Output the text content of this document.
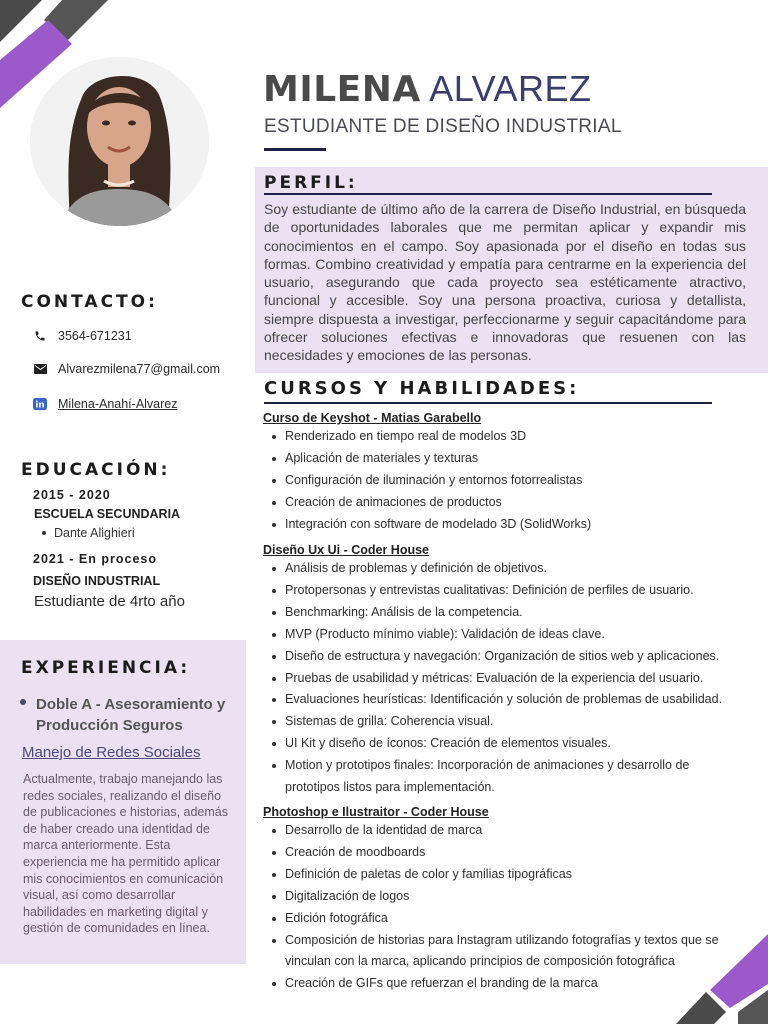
MILENA ALVAREZ
ESTUDIANTE DE DISEÑO INDUSTRIAL
CONTACTO:
3564-671231
Alvarezmilena77@gmail.com
in Milena-Anahí-Alvarez
EDUCACIÓN:
2015 - 2020
ESCUELA SECUNDARIA
Dante Alighieri
2021 - En proceso
DISEÑO INDUSTRIAL
Estudiante de 4rto año
EXPERIENCIA:
Doble A - Asesoramiento y Producción Seguros
Manejo de Redes Sociales
Actualmente, trabajo manejando las redes sociales, realizando el diseño de publicaciones e historias, además de haber creado una identidad de marca anteriormente. Esta experiencia me ha permitido aplicar mis conocimientos en comunicación visual, así como desarrollar habilidades en marketing digital y gestión de comunidades en línea.
PERFIL:
Soy estudiante de último año de la carrera de Diseño Industrial, en búsqueda de oportunidades laborales que me permitan aplicar y expandir mis conocimientos en el campo. Soy apasionada por el diseño en todas sus formas. Combino creatividad y empatía para centrarme en la experiencia del usuario, asegurando que cada proyecto sea estéticamente atractivo, funcional y accesible. Soy una persona proactiva, curiosa y detallista, siempre dispuesta a investigar, perfeccionarme y seguir capacitándome para ofrecer soluciones efectivas e innovadoras que resuenen con las necesidades y emociones de las personas.
CURSOS Y HABILIDADES:
Curso de Keyshot - Matias Garabello
Renderizado en tiempo real de modelos 3D
Aplicación de materiales y texturas
Configuración de iluminación y entornos fotorrealistas
Creación de animaciones de productos
Integración con software de modelado 3D (SolidWorks)
Diseño Ux Ui - Coder House
Análisis de problemas y definición de objetivos.
Protopersonas y entrevistas cualitativas: Definición de perfiles de usuario.
Benchmarking: Análisis de la competencia.
MVP (Producto mínimo viable): Validación de ideas clave.
Diseño de estructura y navegación: Organización de sitios web y aplicaciones.
Pruebas de usabilidad y métricas: Evaluación de la experiencia del usuario.
Evaluaciones heurísticas: Identificación y solución de problemas de usabilidad.
Sistemas de grilla: Coherencia visual.
UI Kit y diseño de íconos: Creación de elementos visuales.
Motion y prototipos finales: Incorporación de animaciones y desarrollo de prototipos listos para implementación.
Photoshop e Ilustraitor - Coder House
Desarrollo de la identidad de marca
Creación de moodboards
Definición de paletas de color y familias tipográficas
Digitalización de logos
Edición fotográfica
Composición de historias para Instagram utilizando fotografías y textos que se vinculan con la marca, aplicando principios de composición fotográfica
Creación de GIFs que refuerzan el branding de la marca
